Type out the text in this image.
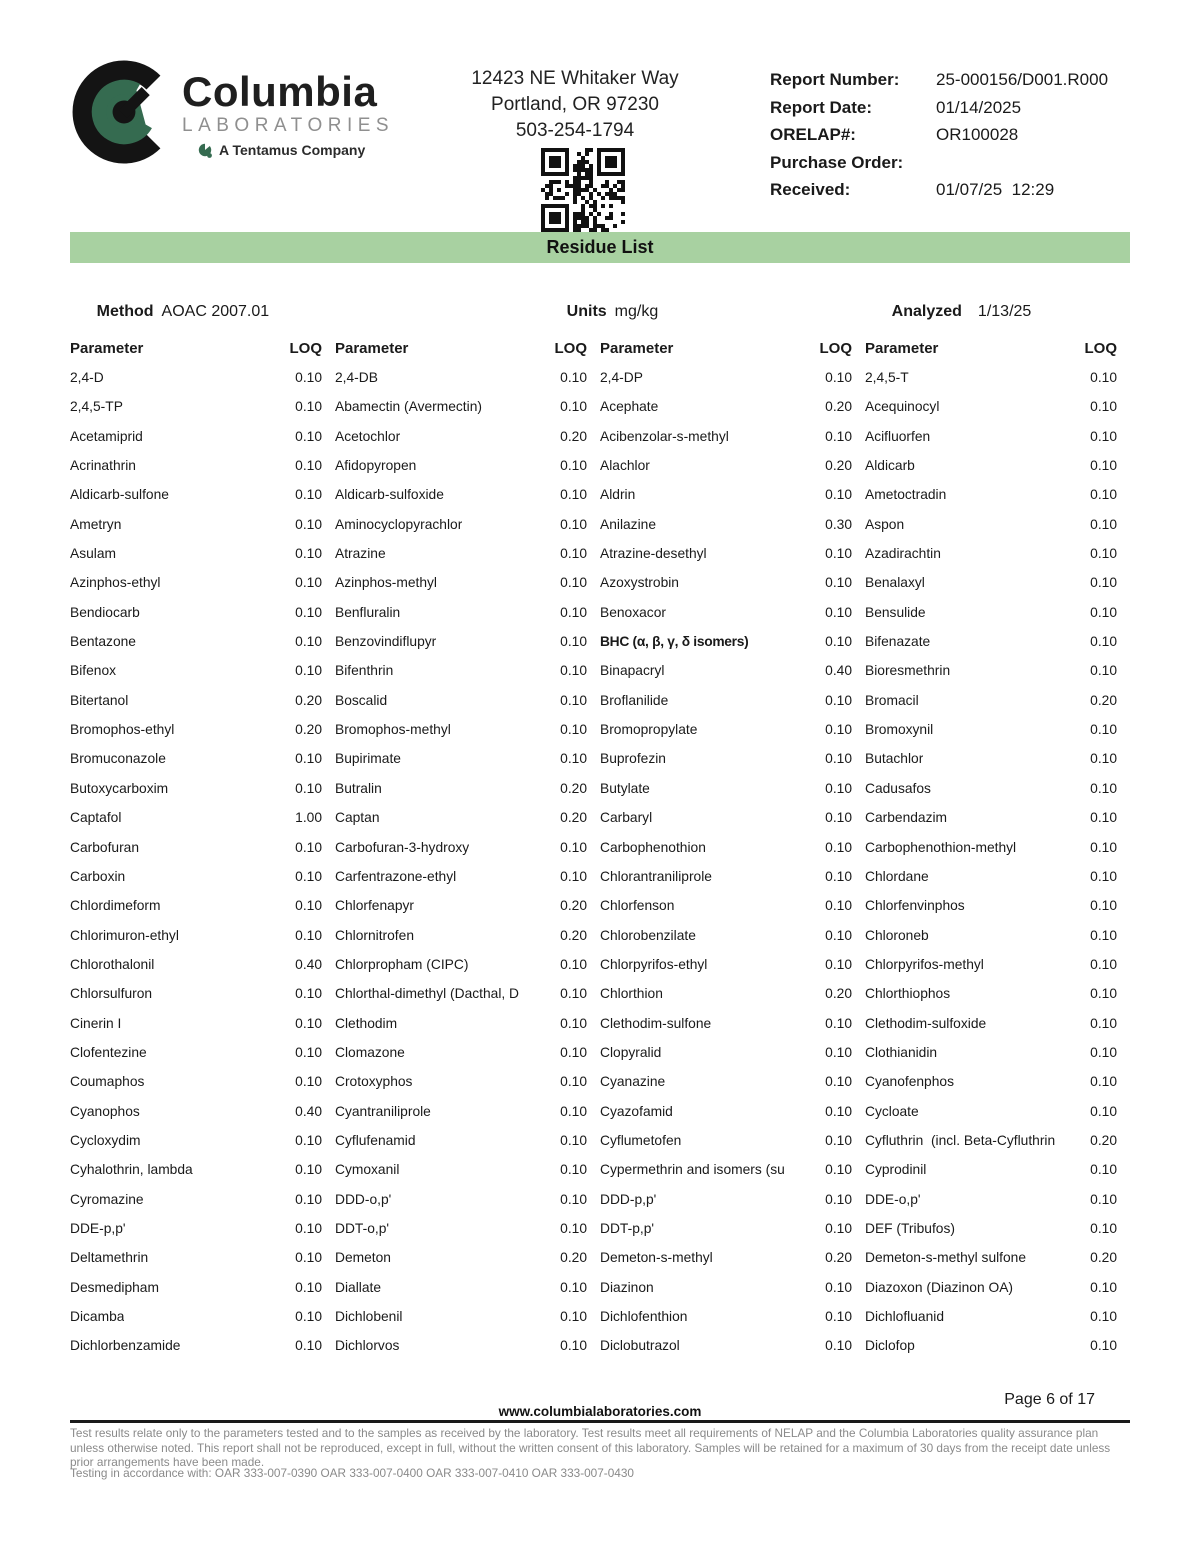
Columbia
LABORATORIES
A Tentamus Company
12423 NE Whitaker Way
Portland, OR 97230
503-254-1794
Report Number:	25-000156/D001.R000
Report Date:	01/14/2025
ORELAP#:	OR100028
Purchase Order:
Received:	01/07/25  12:29
Residue List

Method AOAC 2007.01
	Units mg/kg
	Analyzed 1/13/25

Parameter	LOQ
2,4-D	0.10
2,4,5-TP	0.10
Acetamiprid	0.10
Acrinathrin	0.10
Aldicarb-sulfone	0.10
Ametryn	0.10
Asulam	0.10
Azinphos-ethyl	0.10
Bendiocarb	0.10
Bentazone	0.10
Bifenox	0.10
Bitertanol	0.20
Bromophos-ethyl	0.20
Bromuconazole	0.10
Butoxycarboxim	0.10
Captafol	1.00
Carbofuran	0.10
Carboxin	0.10
Chlordimeform	0.10
Chlorimuron-ethyl	0.10
Chlorothalonil	0.40
Chlorsulfuron	0.10
Cinerin I	0.10
Clofentezine	0.10
Coumaphos	0.10
Cyanophos	0.40
Cycloxydim	0.10
Cyhalothrin, lambda	0.10
Cyromazine	0.10
DDE-p,p'	0.10
Deltamethrin	0.10
Desmedipham	0.10
Dicamba	0.10
Dichlorbenzamide	0.10
Parameter	LOQ
2,4-DB	0.10
Abamectin (Avermectin)	0.10
Acetochlor	0.20
Afidopyropen	0.10
Aldicarb-sulfoxide	0.10
Aminocyclopyrachlor	0.10
Atrazine	0.10
Azinphos-methyl	0.10
Benfluralin	0.10
Benzovindiflupyr	0.10
Bifenthrin	0.10
Boscalid	0.10
Bromophos-methyl	0.10
Bupirimate	0.10
Butralin	0.20
Captan	0.20
Carbofuran-3-hydroxy	0.10
Carfentrazone-ethyl	0.10
Chlorfenapyr	0.20
Chlornitrofen	0.20
Chlorpropham (CIPC)	0.10
Chlorthal-dimethyl (Dacthal, D	0.10
Clethodim	0.10
Clomazone	0.10
Crotoxyphos	0.10
Cyantraniliprole	0.10
Cyflufenamid	0.10
Cymoxanil	0.10
DDD-o,p'	0.10
DDT-o,p'	0.10
Demeton	0.20
Diallate	0.10
Dichlobenil	0.10
Dichlorvos	0.10
Parameter	LOQ
2,4-DP	0.10
Acephate	0.20
Acibenzolar-s-methyl	0.10
Alachlor	0.20
Aldrin	0.10
Anilazine	0.30
Atrazine-desethyl	0.10
Azoxystrobin	0.10
Benoxacor	0.10
BHC (α, β, γ, δ isomers)	0.10
Binapacryl	0.40
Broflanilide	0.10
Bromopropylate	0.10
Buprofezin	0.10
Butylate	0.10
Carbaryl	0.10
Carbophenothion	0.10
Chlorantraniliprole	0.10
Chlorfenson	0.10
Chlorobenzilate	0.10
Chlorpyrifos-ethyl	0.10
Chlorthion	0.20
Clethodim-sulfone	0.10
Clopyralid	0.10
Cyanazine	0.10
Cyazofamid	0.10
Cyflumetofen	0.10
Cypermethrin and isomers (su	0.10
DDD-p,p'	0.10
DDT-p,p'	0.10
Demeton-s-methyl	0.20
Diazinon	0.10
Dichlofenthion	0.10
Diclobutrazol	0.10
Parameter	LOQ
2,4,5-T	0.10
Acequinocyl	0.10
Acifluorfen	0.10
Aldicarb	0.10
Ametoctradin	0.10
Aspon	0.10
Azadirachtin	0.10
Benalaxyl	0.10
Bensulide	0.10
Bifenazate	0.10
Bioresmethrin	0.10
Bromacil	0.20
Bromoxynil	0.10
Butachlor	0.10
Cadusafos	0.10
Carbendazim	0.10
Carbophenothion-methyl	0.10
Chlordane	0.10
Chlorfenvinphos	0.10
Chloroneb	0.10
Chlorpyrifos-methyl	0.10
Chlorthiophos	0.10
Clethodim-sulfoxide	0.10
Clothianidin	0.10
Cyanofenphos	0.10
Cycloate	0.10
Cyfluthrin  (incl. Beta-Cyfluthrin	0.20
Cyprodinil	0.10
DDE-o,p'	0.10
DEF (Tribufos)	0.10
Demeton-s-methyl sulfone	0.20
Diazoxon (Diazinon OA)	0.10
Dichlofluanid	0.10
Diclofop	0.10
Page 6 of 17
www.columbialaboratories.com
Test results relate only to the parameters tested and to the samples as received by the laboratory. Test results meet all requirements of NELAP and the Columbia Laboratories quality assurance plan unless otherwise noted. This report shall not be reproduced, except in full, without the written consent of this laboratory. Samples will be retained for a maximum of 30 days from the receipt date unless prior arrangements have been made.
Testing in accordance with: OAR 333-007-0390 OAR 333-007-0400 OAR 333-007-0410 OAR 333-007-0430
